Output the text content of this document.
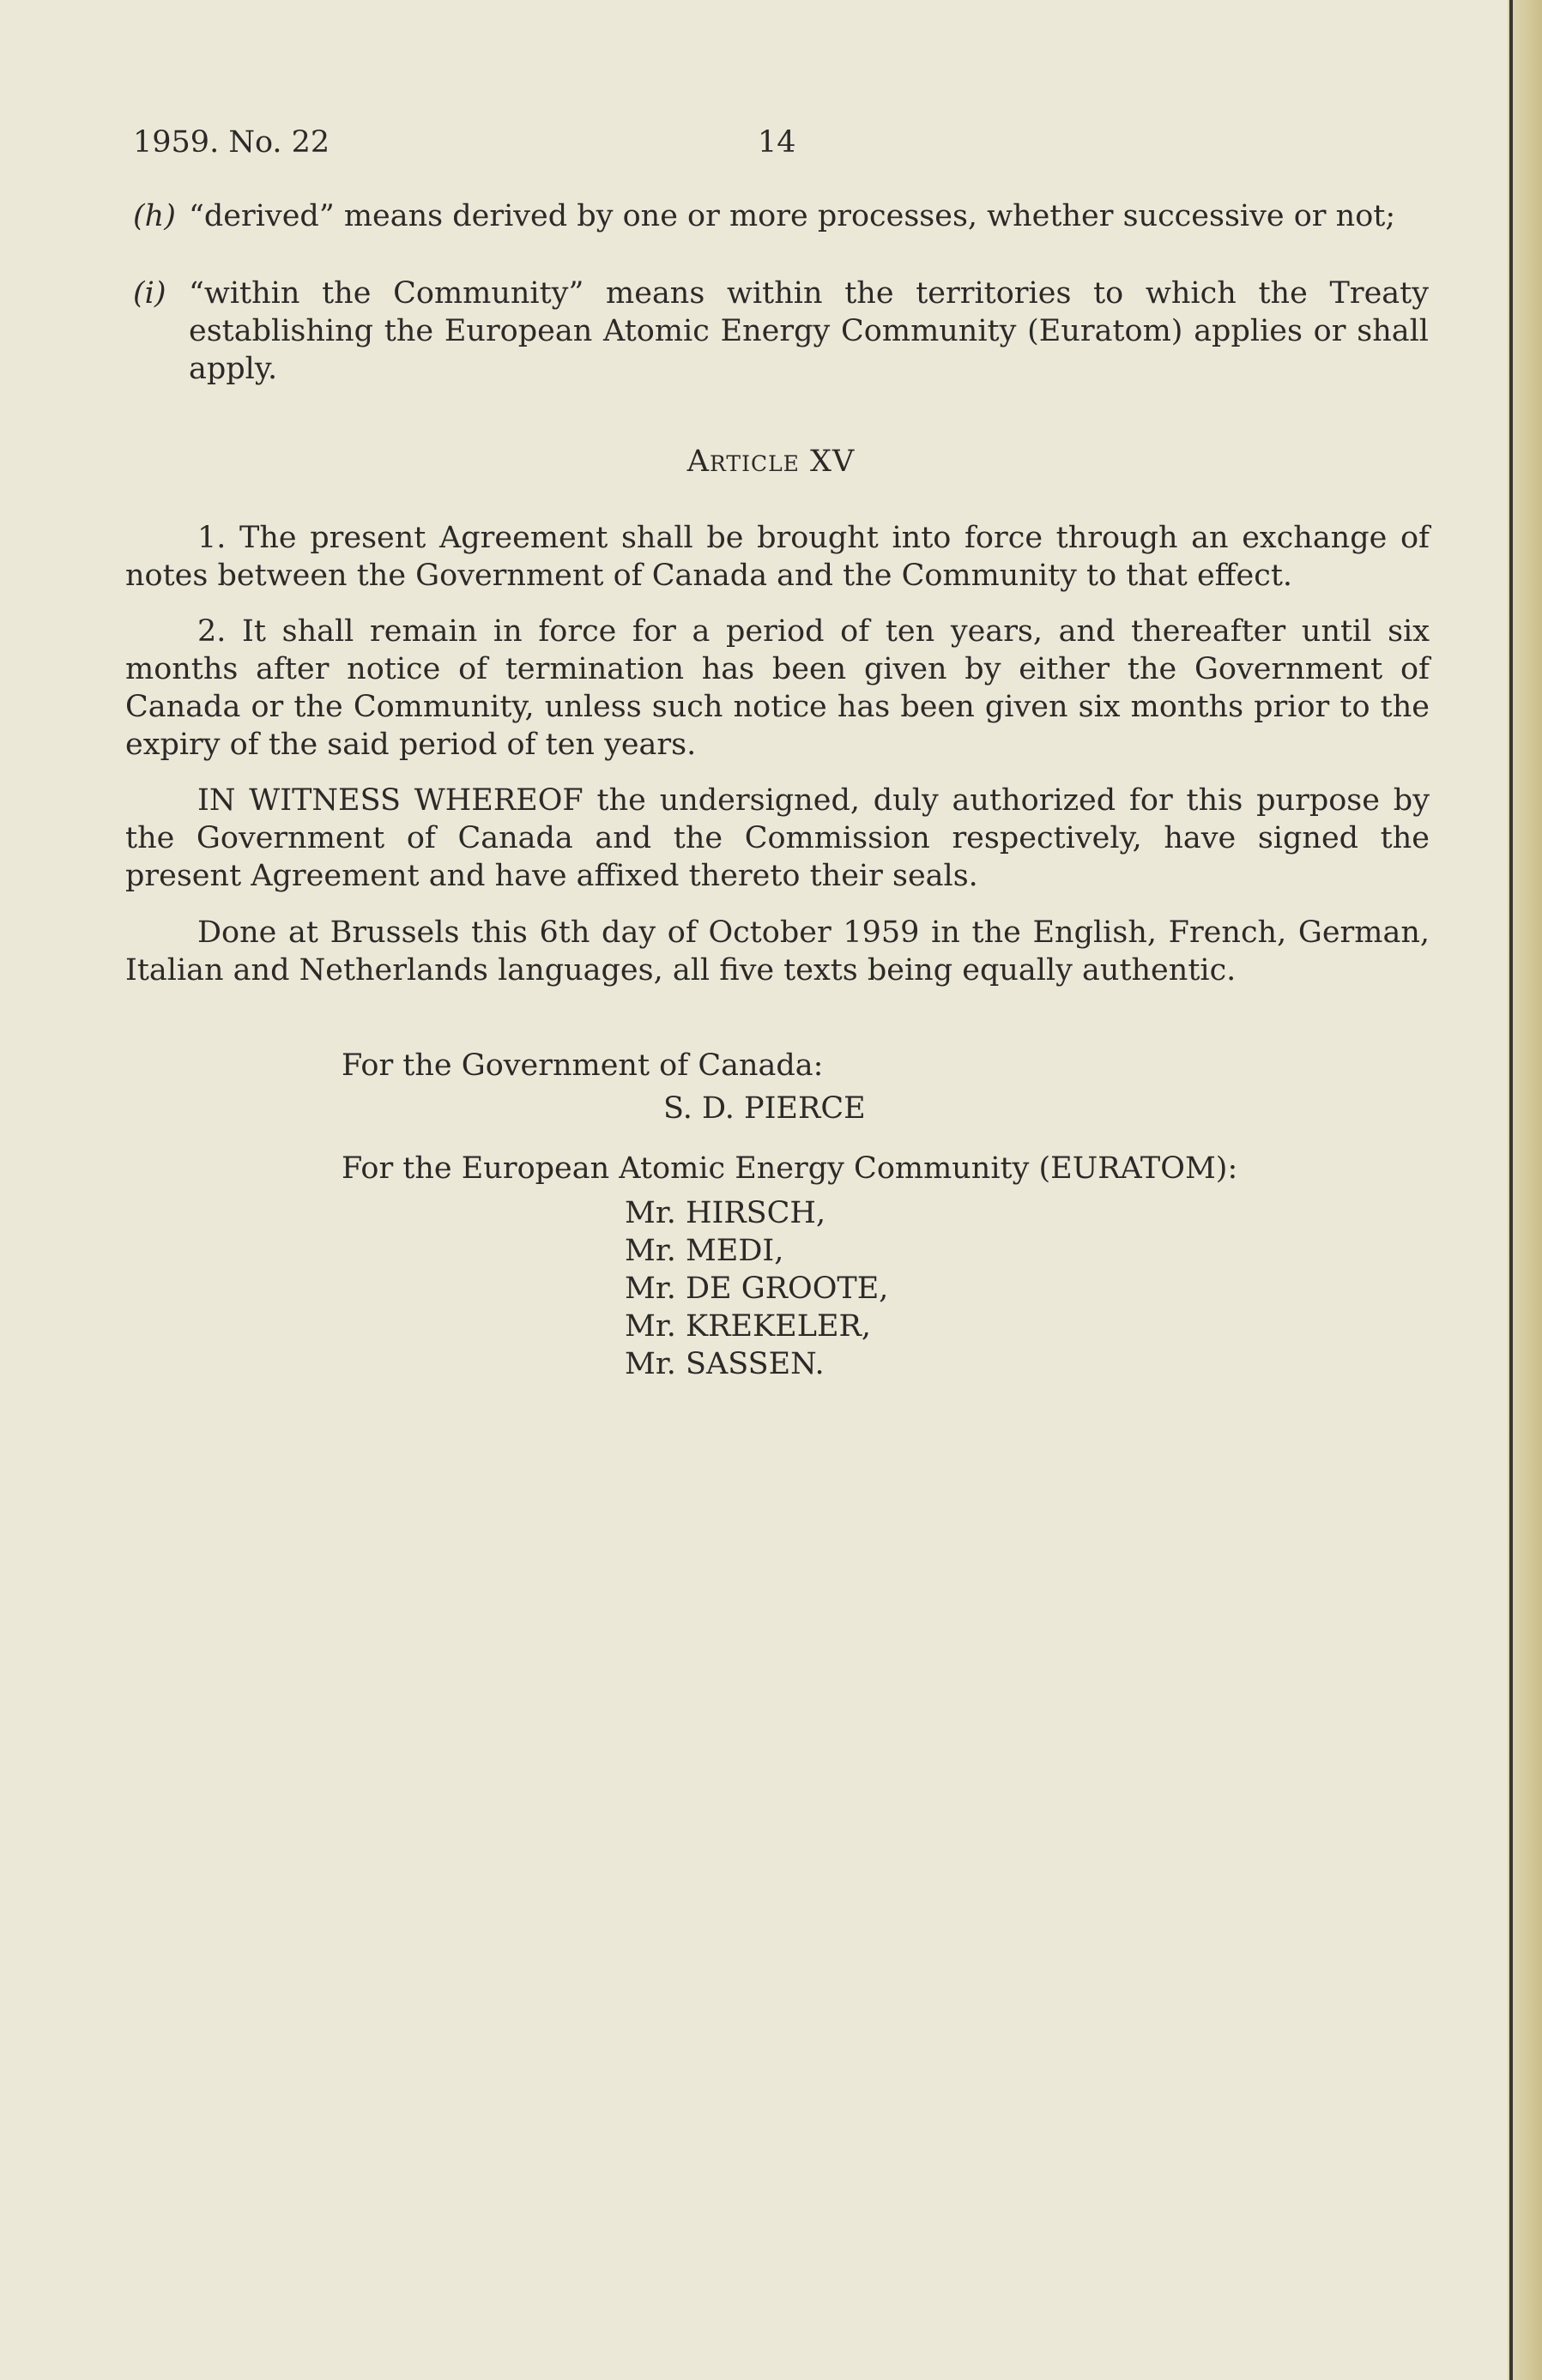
1959. No. 22	14
(h) “derived” means derived by one or more processes, whether successive or not;
(i) “within the Community” means within the territories to which the Treaty establishing the European Atomic Energy Community (Euratom) applies or shall apply.
Article XV
1. The present Agreement shall be brought into force through an exchange of notes between the Government of Canada and the Community to that effect.
2. It shall remain in force for a period of ten years, and thereafter until six months after notice of termination has been given by either the Government of Canada or the Community, unless such notice has been given six months prior to the expiry of the said period of ten years.
IN WITNESS WHEREOF the undersigned, duly authorized for this purpose by the Government of Canada and the Commission respectively, have signed the present Agreement and have affixed thereto their seals.
Done at Brussels this 6th day of October 1959 in the English, French, German, Italian and Netherlands languages, all five texts being equally authentic.
For the Government of Canada:
S. D. PIERCE
For the European Atomic Energy Community (EURATOM):
Mr. HIRSCH,
Mr. MEDI,
Mr. DE GROOTE,
Mr. KREKELER,
Mr. SASSEN.
